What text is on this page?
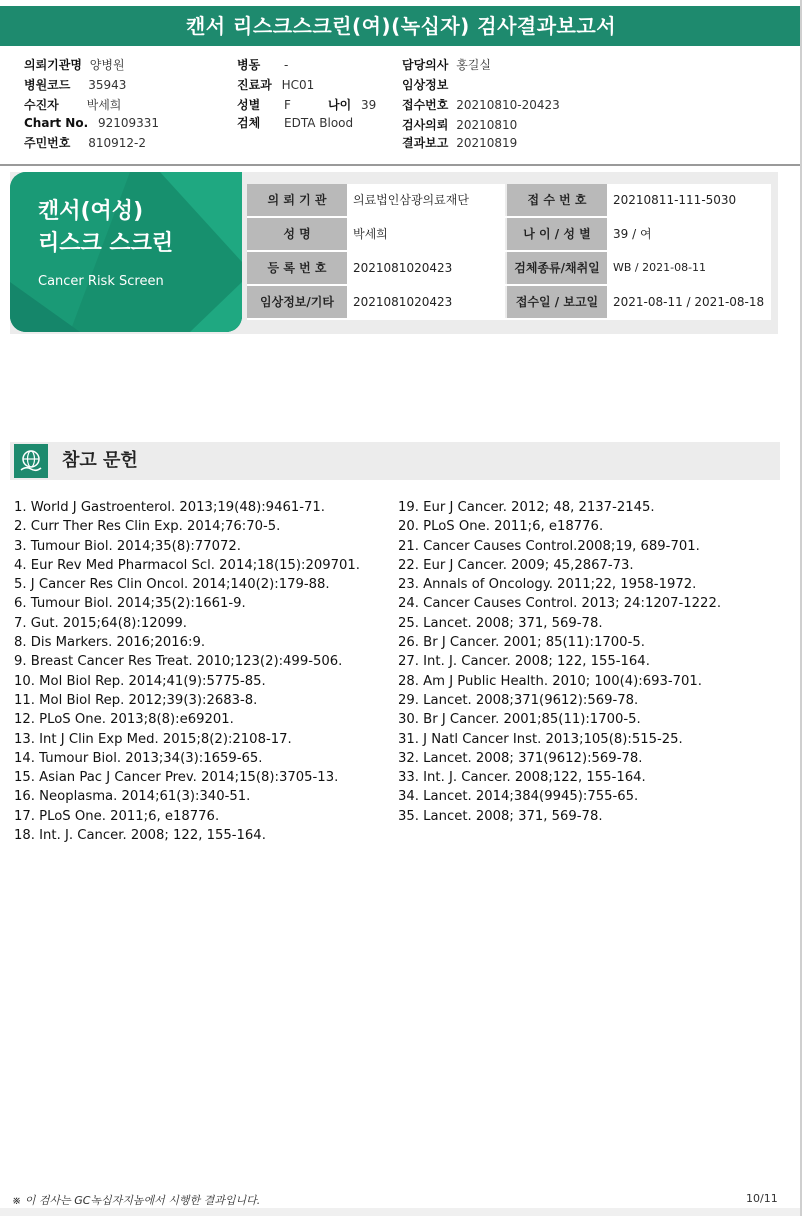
캔서 리스크스크린(여)(녹십자) 검사결과보고서
의뢰기관명 양병원
병원코드 35943
수진자 박세희
Chart No. 92109331
주민번호 810912-2
병동 -
진료과 HC01
성별 F	나이 39
검체 EDTA Blood
담당의사 홍길실
임상정보
접수번호 20210810-20423
검사의뢰 20210810
결과보고 20210819
캔서(여성)
리스크 스크린
Cancer Risk Screen
의 뢰 기 관	의료법인삼광의료재단	접 수 번 호	20210811-111-5030
성 명	박세희	나 이 / 성 별	39 / 여
등 록 번 호	2021081020423	검체종류/채취일	WB / 2021-08-11
임상정보/기타	2021081020423	접수일 / 보고일	2021-08-11 / 2021-08-18
참고 문헌
1. World J Gastroenterol. 2013;19(48):9461-71.
2. Curr Ther Res Clin Exp. 2014;76:70-5.
3. Tumour Biol. 2014;35(8):77072.
4. Eur Rev Med Pharmacol Scl. 2014;18(15):209701.
5. J Cancer Res Clin Oncol. 2014;140(2):179-88.
6. Tumour Biol. 2014;35(2):1661-9.
7. Gut. 2015;64(8):12099.
8. Dis Markers. 2016;2016:9.
9. Breast Cancer Res Treat. 2010;123(2):499-506.
10. Mol Biol Rep. 2014;41(9):5775-85.
11. Mol Biol Rep. 2012;39(3):2683-8.
12. PLoS One. 2013;8(8):e69201.
13. Int J Clin Exp Med. 2015;8(2):2108-17.
14. Tumour Biol. 2013;34(3):1659-65.
15. Asian Pac J Cancer Prev. 2014;15(8):3705-13.
16. Neoplasma. 2014;61(3):340-51.
17. PLoS One. 2011;6, e18776.
18. Int. J. Cancer. 2008; 122, 155-164.
19. Eur J Cancer. 2012; 48, 2137-2145.
20. PLoS One. 2011;6, e18776.
21. Cancer Causes Control.2008;19, 689-701.
22. Eur J Cancer. 2009; 45,2867-73.
23. Annals of Oncology. 2011;22, 1958-1972.
24. Cancer Causes Control. 2013; 24:1207-1222.
25. Lancet. 2008; 371, 569-78.
26. Br J Cancer. 2001; 85(11):1700-5.
27. Int. J. Cancer. 2008; 122, 155-164.
28. Am J Public Health. 2010; 100(4):693-701.
29. Lancet. 2008;371(9612):569-78.
30. Br J Cancer. 2001;85(11):1700-5.
31. J Natl Cancer Inst. 2013;105(8):515-25.
32. Lancet. 2008; 371(9612):569-78.
33. Int. J. Cancer. 2008;122, 155-164.
34. Lancet. 2014;384(9945):755-65.
35. Lancet. 2008; 371, 569-78.
※ 이 검사는 GC녹십자지놈에서 시행한 결과입니다.	10/11
